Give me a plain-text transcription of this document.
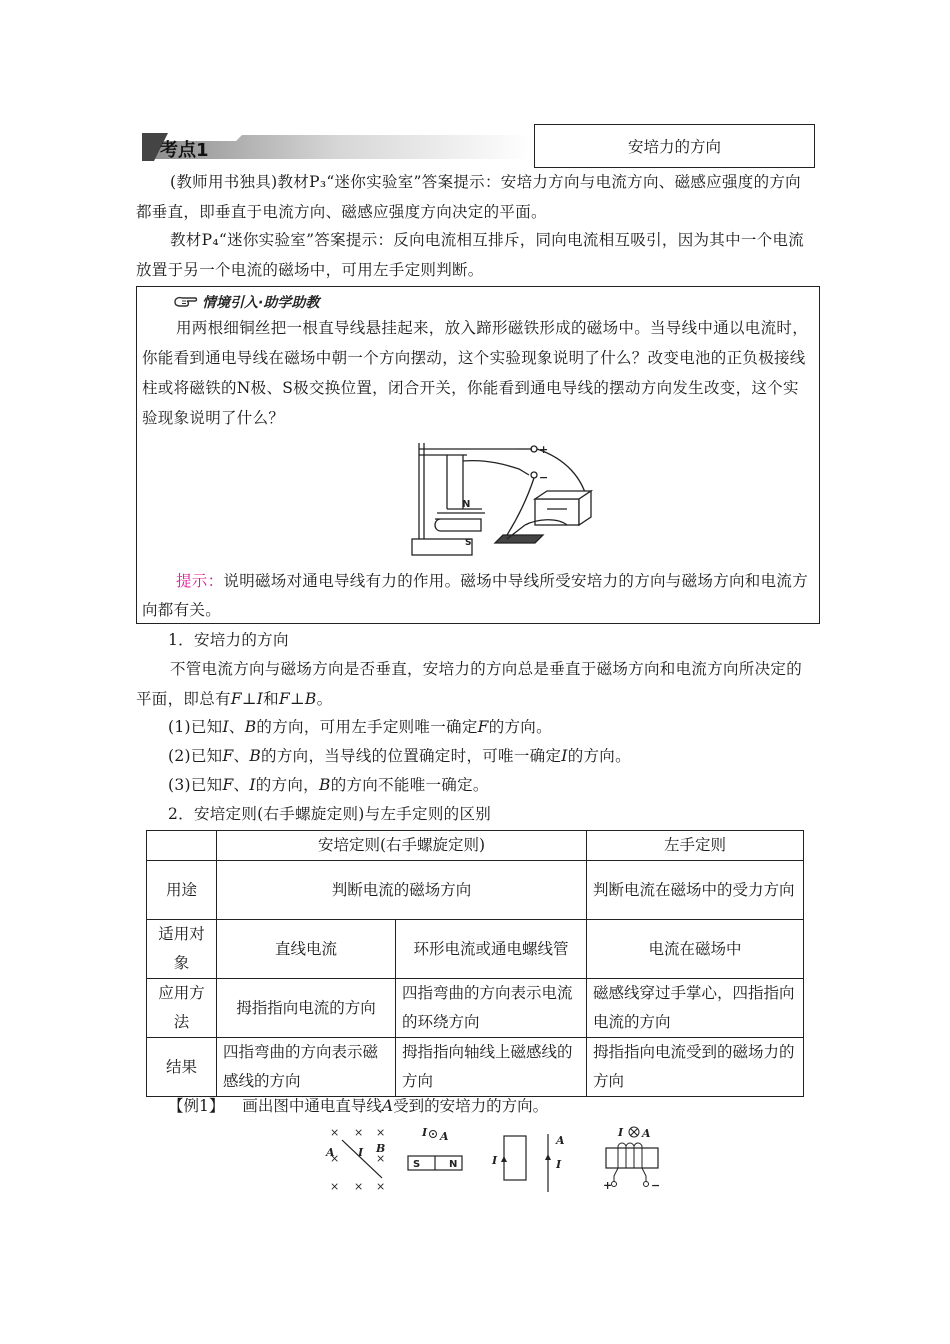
考点1	安培力的方向
(教师用书独具)教材P₃“迷你实验室”答案提示：安培力方向与电流方向、磁感应强度的方向都垂直，即垂直于电流方向、磁感应强度方向决定的平面。
教材P₄“迷你实验室”答案提示：反向电流相互排斥，同向电流相互吸引，因为其中一个电流放置于另一个电流的磁场中，可用左手定则判断。
情境引入·助学助教
用两根细铜丝把一根直导线悬挂起来，放入蹄形磁铁形成的磁场中。当导线中通以电流时，你能看到通电导线在磁场中朝一个方向摆动，这个实验现象说明了什么？改变电池的正负极接线柱或将磁铁的N极、S极交换位置，闭合开关，你能看到通电导线的摆动方向发生改变，这个实验现象说明了什么？
N
S
+
−
提示：说明磁场对通电导线有力的作用。磁场中导线所受安培力的方向与磁场方向和电流方向都有关。
1．安培力的方向
不管电流方向与磁场方向是否垂直，安培力的方向总是垂直于磁场方向和电流方向所决定的平面，即总有F⊥I和F⊥B。
(1)已知I、B的方向，可用左手定则唯一确定F的方向。
(2)已知F、B的方向，当导线的位置确定时，可唯一确定I的方向。
(3)已知F、I的方向，B的方向不能唯一确定。
2．安培定则(右手螺旋定则)与左手定则的区别
	安培定则(右手螺旋定则)		左手定则
用途	判断电流的磁场方向		判断电流在磁场中的受力方向
适用对象	直线电流	环形电流或通电螺线管	电流在磁场中
应用方法	拇指指向电流的方向	四指弯曲的方向表示电流的环绕方向	磁感线穿过手掌心，四指指向电流的方向
结果	四指弯曲的方向表示磁感线的方向	拇指指向轴线上磁感线的方向	拇指指向电流受到的磁场力的方向
【例1】 画出图中通电直导线A受到的安培力的方向。
× × ×
×	×
× × ×
A I B
I A
S	N	I
A
I
I A
+	−
